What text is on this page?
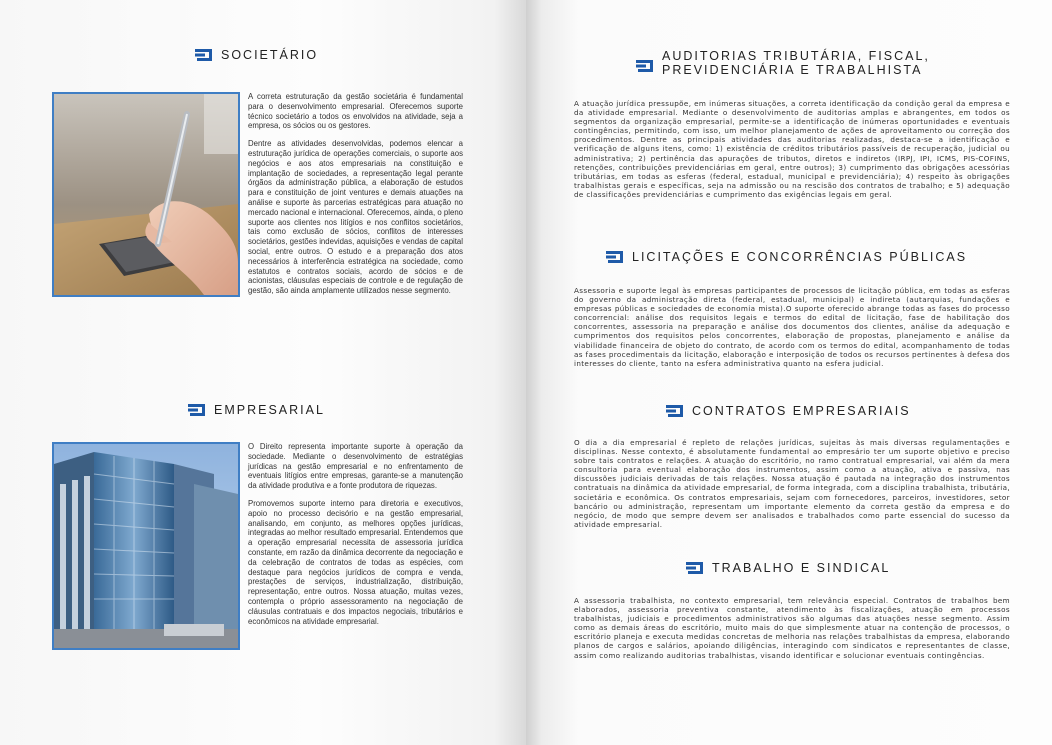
SOCIETÁRIO

A correta estruturação da gestão societária é fundamental para o desenvolvimento empresarial. Oferecemos suporte técnico societário a todos os envolvidos na atividade, seja a empresa, os sócios ou os gestores.

Dentre as atividades desenvolvidas, podemos elencar a estruturação jurídica de operações comerciais, o suporte aos negócios e aos atos empresariais na constituição e implantação de sociedades, a representação legal perante órgãos da administração pública, a elaboração de estudos para e constituição de joint ventures e demais atuações na análise e suporte às parcerias estratégicas para atuação no mercado nacional e internacional. Oferecemos, ainda, o pleno suporte aos clientes nos litígios e nos conflitos societários, tais como exclusão de sócios, conflitos de interesses societários, gestões indevidas, aquisições e vendas de capital social, entre outros. O estudo e a preparação dos atos necessários à interferência estratégica na sociedade, como estatutos e contratos sociais, acordo de sócios e de acionistas, cláusulas especiais de controle e de regulação de gestão, são ainda amplamente utilizados nesse segmento.

EMPRESARIAL

O Direito representa importante suporte à operação da sociedade. Mediante o desenvolvimento de estratégias jurídicas na gestão empresarial e no enfrentamento de eventuais litígios entre empresas, garante-se a manutenção da atividade produtiva e a fonte produtora de riquezas.

Promovemos suporte interno para diretoria e executivos, apoio no processo decisório e na gestão empresarial, analisando, em conjunto, as melhores opções jurídicas, integradas ao melhor resultado empresarial. Entendemos que a operação empresarial necessita de assessoria jurídica constante, em razão da dinâmica decorrente da negociação e da celebração de contratos de todas as espécies, com destaque para negócios jurídicos de compra e venda, prestações de serviços, industrialização, distribuição, representação, entre outros. Nossa atuação, muitas vezes, contempla o próprio assessoramento na negociação de cláusulas contratuais e dos impactos negociais, tributários e econômicos na atividade empresarial.

AUDITORIAS TRIBUTÁRIA, FISCAL,
PREVIDENCIÁRIA E TRABALHISTA

A atuação jurídica pressupõe, em inúmeras situações, a correta identificação da condição geral da empresa e da atividade empresarial. Mediante o desenvolvimento de auditorias amplas e abrangentes, em todos os segmentos da organização empresarial, permite-se a identificação de inúmeras oportunidades e eventuais contingências, permitindo, com isso, um melhor planejamento de ações de aproveitamento ou correção dos procedimentos. Dentre as principais atividades das auditorias realizadas, destaca-se a identificação e verificação de alguns itens, como: 1) existência de créditos tributários passíveis de recuperação, judicial ou administrativa; 2) pertinência das apurações de tributos, diretos e indiretos (IRPJ, IPI, ICMS, PIS-COFINS, retenções, contribuições previdenciárias em geral, entre outros); 3) cumprimento das obrigações acessórias tributárias, em todas as esferas (federal, estadual, municipal e previdenciária); 4) respeito às obrigações trabalhistas gerais e específicas, seja na admissão ou na rescisão dos contratos de trabalho; e 5) adequação de classificações previdenciárias e cumprimento das exigências legais em geral.

LICITAÇÕES E CONCORRÊNCIAS PÚBLICAS

Assessoria e suporte legal às empresas participantes de processos de licitação pública, em todas as esferas do governo da administração direta (federal, estadual, municipal) e indireta (autarquias, fundações e empresas públicas e sociedades de economia mista).O suporte oferecido abrange todas as fases do processo concorrencial: análise dos requisitos legais e termos do edital de licitação, fase de habilitação dos concorrentes, assessoria na preparação e análise dos documentos dos clientes, análise da adequação e cumprimentos dos requisitos pelos concorrentes, elaboração de propostas, planejamento e análise da viabilidade financeira de objeto do contrato, de acordo com os termos do edital, acompanhamento de todas as fases procedimentais da licitação, elaboração e interposição de todos os recursos pertinentes à defesa dos interesses do cliente, tanto na esfera administrativa quanto na esfera judicial.

CONTRATOS EMPRESARIAIS

O dia a dia empresarial é repleto de relações jurídicas, sujeitas às mais diversas regulamentações e disciplinas. Nesse contexto, é absolutamente fundamental ao empresário ter um suporte objetivo e preciso sobre tais contratos e relações. A atuação do escritório, no ramo contratual empresarial, vai além da mera consultoria para eventual elaboração dos instrumentos, assim como a atuação, ativa e passiva, nas discussões judiciais derivadas de tais relações. Nossa atuação é pautada na integração dos instrumentos contratuais na dinâmica da atividade empresarial, de forma integrada, com a disciplina trabalhista, tributária, societária e econômica. Os contratos empresariais, sejam com fornecedores, parceiros, investidores, setor bancário ou administração, representam um importante elemento da correta gestão da empresa e do negócio, de modo que sempre devem ser analisados e trabalhados como parte essencial do sucesso da atividade empresarial.

TRABALHO E SINDICAL

A assessoria trabalhista, no contexto empresarial, tem relevância especial. Contratos de trabalhos bem elaborados, assessoria preventiva constante, atendimento às fiscalizações, atuação em processos trabalhistas, judiciais e procedimentos administrativos são algumas das atuações nesse segmento. Assim como as demais áreas do escritório, muito mais do que simplesmente atuar na contenção de processos, o escritório planeja e executa medidas concretas de melhoria nas relações trabalhistas da empresa, elaborando planos de cargos e salários, apoiando diligências, interagindo com sindicatos e representantes de classe, assim como realizando auditorias trabalhistas, visando identificar e solucionar eventuais contingências.
